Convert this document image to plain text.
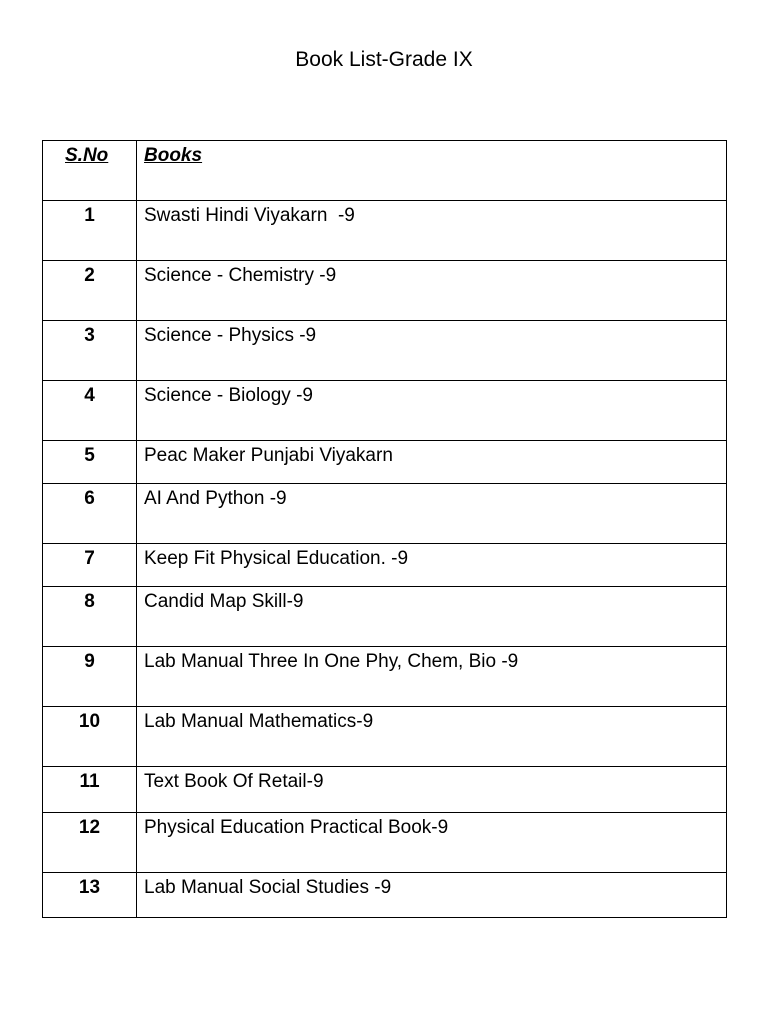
Book List-Grade IX
S.No	Books
1	Swasti Hindi Viyakarn  -9
2	Science - Chemistry -9
3	Science - Physics -9
4	Science - Biology -9
5	Peac Maker Punjabi Viyakarn
6	AI And Python -9
7	Keep Fit Physical Education. -9
8	Candid Map Skill-9
9	Lab Manual Three In One Phy, Chem, Bio -9
10	Lab Manual Mathematics-9
11	Text Book Of Retail-9
12	Physical Education Practical Book-9
13	Lab Manual Social Studies -9
